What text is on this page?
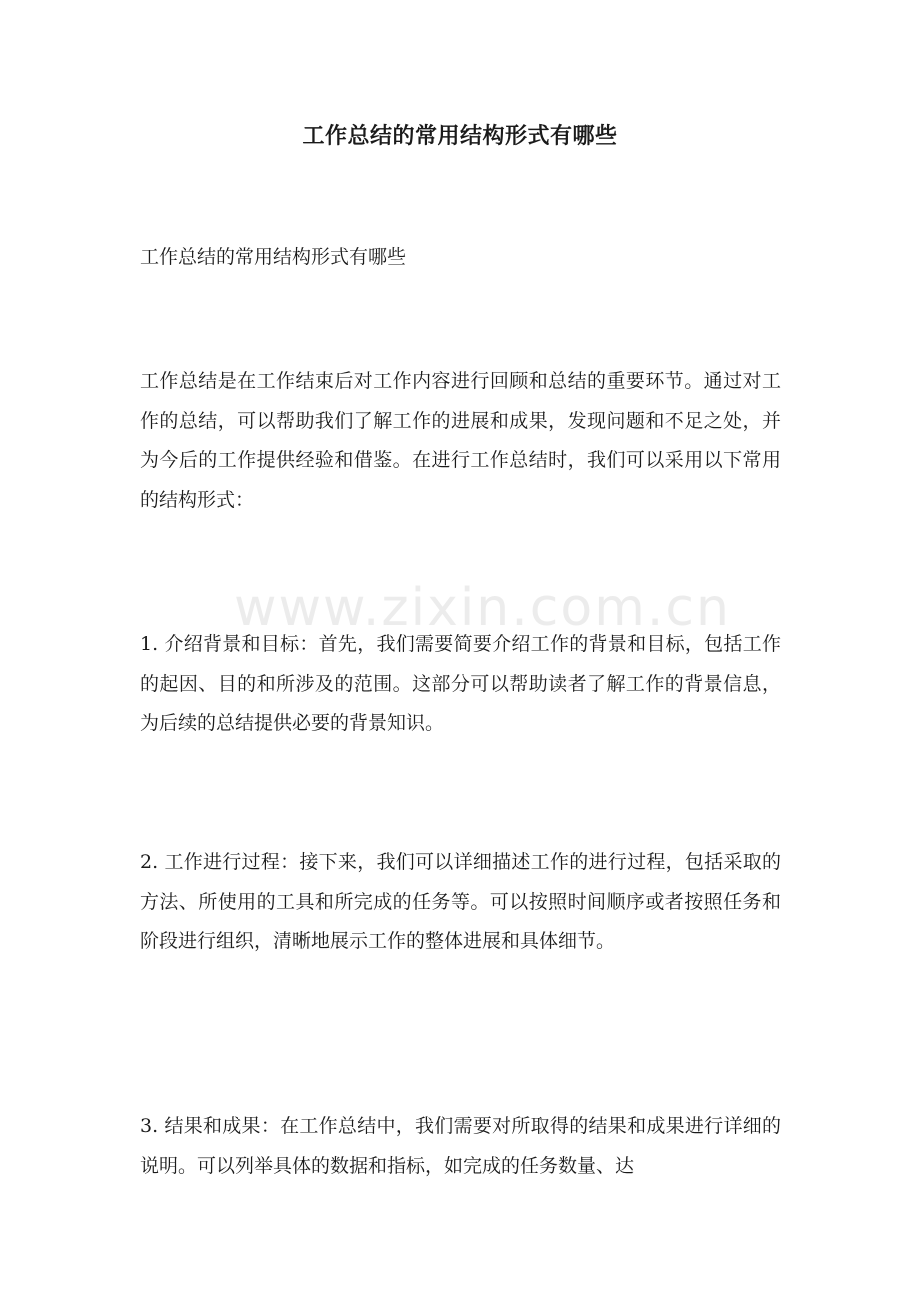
www.zixin.com.cn
工作总结的常用结构形式有哪些
工作总结的常用结构形式有哪些
工作总结是在工作结束后对工作内容进行回顾和总结的重要环节。通过对工作的总结，可以帮助我们了解工作的进展和成果，发现问题和不足之处，并为今后的工作提供经验和借鉴。在进行工作总结时，我们可以采用以下常用的结构形式：
1. 介绍背景和目标：首先，我们需要简要介绍工作的背景和目标，包括工作的起因、目的和所涉及的范围。这部分可以帮助读者了解工作的背景信息，为后续的总结提供必要的背景知识。
2. 工作进行过程：接下来，我们可以详细描述工作的进行过程，包括采取的方法、所使用的工具和所完成的任务等。可以按照时间顺序或者按照任务和阶段进行组织，清晰地展示工作的整体进展和具体细节。
3. 结果和成果：在工作总结中，我们需要对所取得的结果和成果进行详细的说明。可以列举具体的数据和指标，如完成的任务数量、达
